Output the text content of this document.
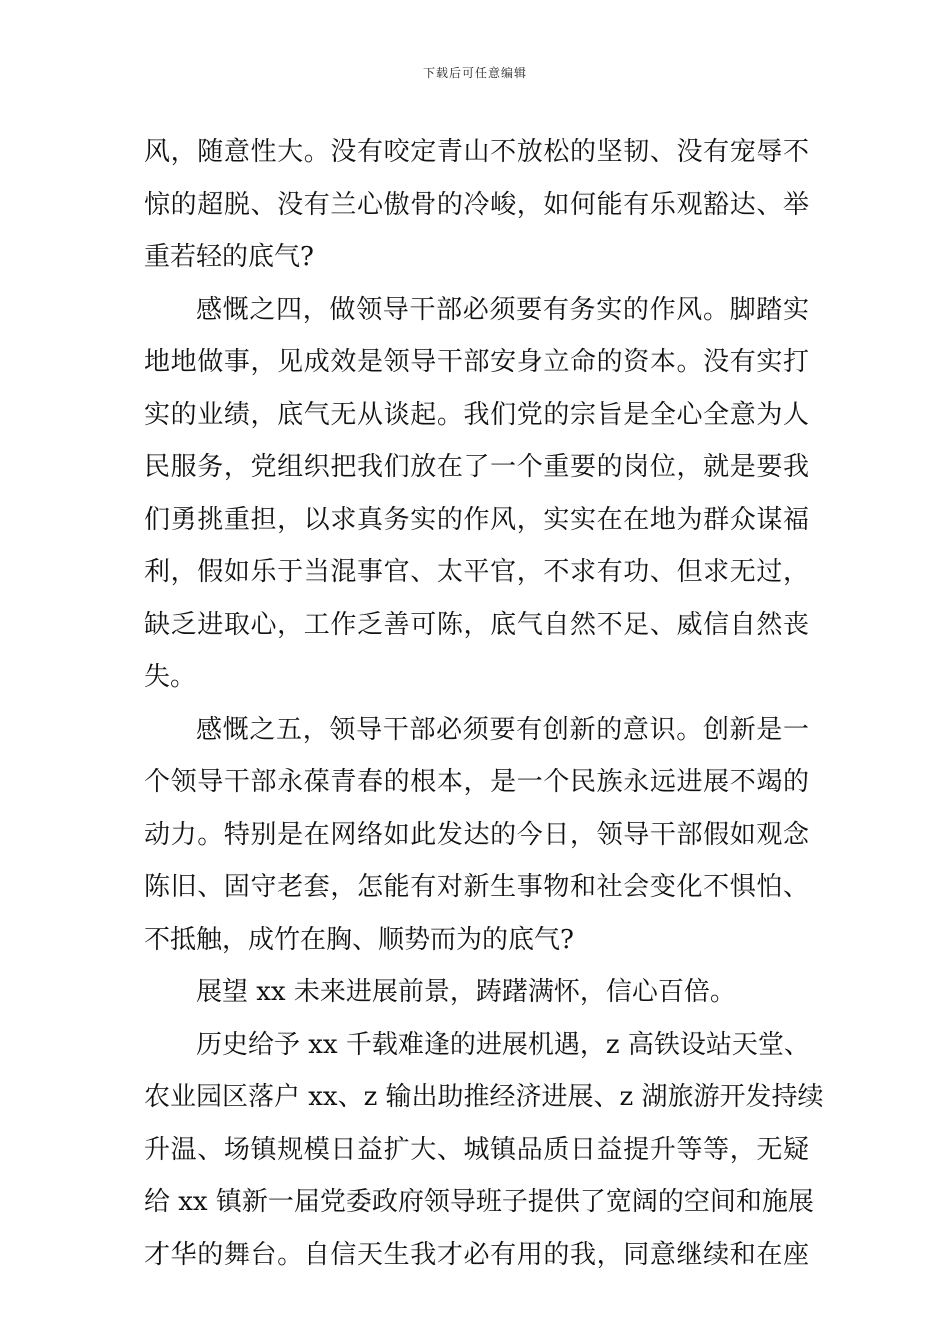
下载后可任意编辑
风，随意性大。没有咬定青山不放松的坚韧、没有宠辱不
惊的超脱、没有兰心傲骨的冷峻，如何能有乐观豁达、举
重若轻的底气?
感慨之四，做领导干部必须要有务实的作风。脚踏实
地地做事，见成效是领导干部安身立命的资本。没有实打
实的业绩，底气无从谈起。我们党的宗旨是全心全意为人
民服务，党组织把我们放在了一个重要的岗位，就是要我
们勇挑重担，以求真务实的作风，实实在在地为群众谋福
利，假如乐于当混事官、太平官，不求有功、但求无过，
缺乏进取心，工作乏善可陈，底气自然不足、威信自然丧
失。
感慨之五，领导干部必须要有创新的意识。创新是一
个领导干部永葆青春的根本，是一个民族永远进展不竭的
动力。特别是在网络如此发达的今日，领导干部假如观念
陈旧、固守老套，怎能有对新生事物和社会变化不惧怕、
不抵触，成竹在胸、顺势而为的底气?
展望 xx 未来进展前景，踌躇满怀，信心百倍。
历史给予 xx 千载难逢的进展机遇，z 高铁设站天堂、
农业园区落户 xx、z 输出助推经济进展、z 湖旅游开发持续
升温、场镇规模日益扩大、城镇品质日益提升等等，无疑
给 xx 镇新一届党委政府领导班子提供了宽阔的空间和施展
才华的舞台。自信天生我才必有用的我，同意继续和在座
